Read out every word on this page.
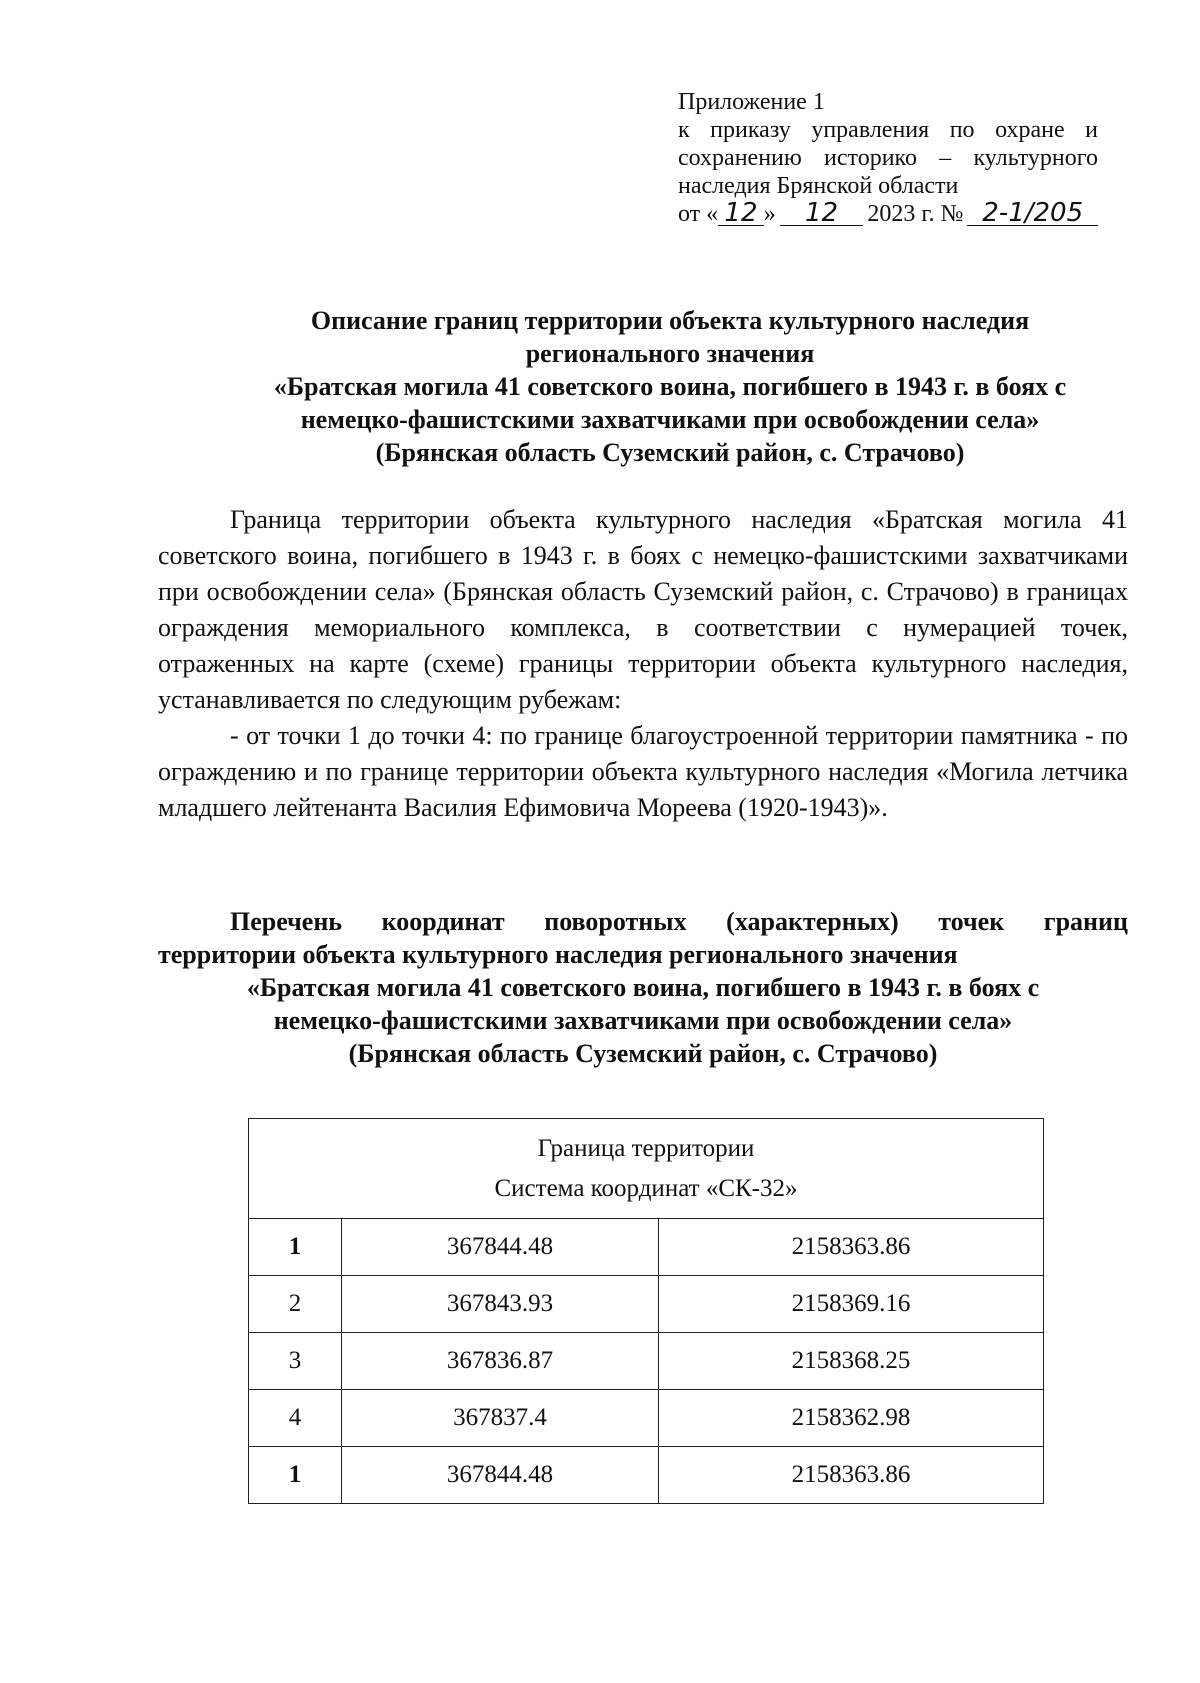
Приложение 1
к приказу управления по охране и
сохранению историко – культурного
наследия Брянской области
от « 12 »	12	2023 г. № 2-1/205
Описание границ территории объекта культурного наследия
регионального значения
«Братская могила 41 советского воина, погибшего в 1943 г. в боях с
немецко-фашистскими захватчиками при освобождении села»
(Брянская область Суземский район, с. Страчово)

Граница территории объекта культурного наследия «Братская могила 41 советского воина, погибшего в 1943 г. в боях с немецко-фашистскими захватчиками при освобождении села» (Брянская область Суземский район, с. Страчово) в границах ограждения мемориального комплекса, в соответствии с нумерацией точек, отраженных на карте (схеме) границы территории объекта культурного наследия, устанавливается по следующим рубежам:

- от точки 1 до точки 4: по границе благоустроенной территории памятника - по ограждению и по границе территории объекта культурного наследия «Могила летчика младшего лейтенанта Василия Ефимовича Мореева (1920-1943)».

Перечень координат поворотных (характерных) точек границ
территории объекта культурного наследия регионального значения
«Братская могила 41 советского воина, погибшего в 1943 г. в боях с
немецко-фашистскими захватчиками при освобождении села»
(Брянская область Суземский район, с. Страчово)
Граница территории
Система координат «СК-32»		

1	367844.48	2158363.86
2	367843.93	2158369.16
3	367836.87	2158368.25
4	367837.4	2158362.98
1	367844.48	2158363.86
